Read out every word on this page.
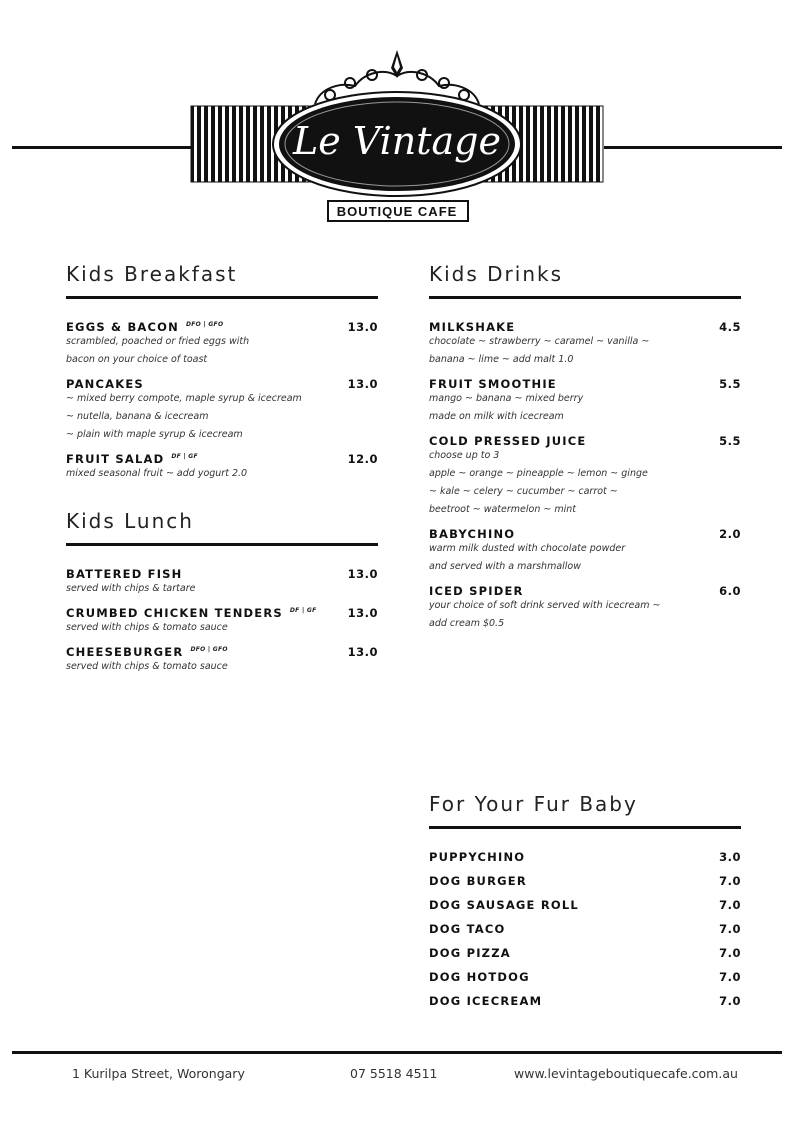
BOUTIQUE CAFE
Le Vintage
Kids Breakfast
EGGS & BACON $^{DFO | GFO}$	13.0
scrambled, poached or fried eggs with
bacon on your choice of toast
PANCAKES	13.0
~ mixed berry compote, maple syrup & icecream
~ nutella, banana & icecream
~ plain with maple syrup & icecream
FRUIT SALAD $^{DF | GF}$	12.0
mixed seasonal fruit ~ add yogurt 2.0
Kids Lunch
BATTERED FISH	13.0
served with chips & tartare
CRUMBED CHICKEN TENDERS $^{DF | GF}$	13.0
served with chips & tomato sauce
CHEESEBURGER $^{DFO | GFO}$	13.0
served with chips & tomato sauce
Kids Drinks
MILKSHAKE	4.5
chocolate ~ strawberry ~ caramel ~ vanilla ~
banana ~ lime ~ add malt 1.0
FRUIT SMOOTHIE	5.5
mango ~ banana ~ mixed berry
made on milk with icecream
COLD PRESSED JUICE	5.5
choose up to 3
apple ~ orange ~ pineapple ~ lemon ~ ginge
~ kale ~ celery ~ cucumber ~ carrot ~
beetroot ~ watermelon ~ mint
BABYCHINO	2.0
warm milk dusted with chocolate powder
and served with a marshmallow
ICED SPIDER	6.0
your choice of soft drink served with icecream ~
add cream $0.5
For Your Fur Baby
PUPPYCHINO	3.0
DOG BURGER	7.0
DOG SAUSAGE ROLL	7.0
DOG TACO	7.0
DOG PIZZA	7.0
DOG HOTDOG	7.0
DOG ICECREAM	7.0
1 Kurilpa Street, Worongary	07 5518 4511	www.levintageboutiquecafe.com.au
